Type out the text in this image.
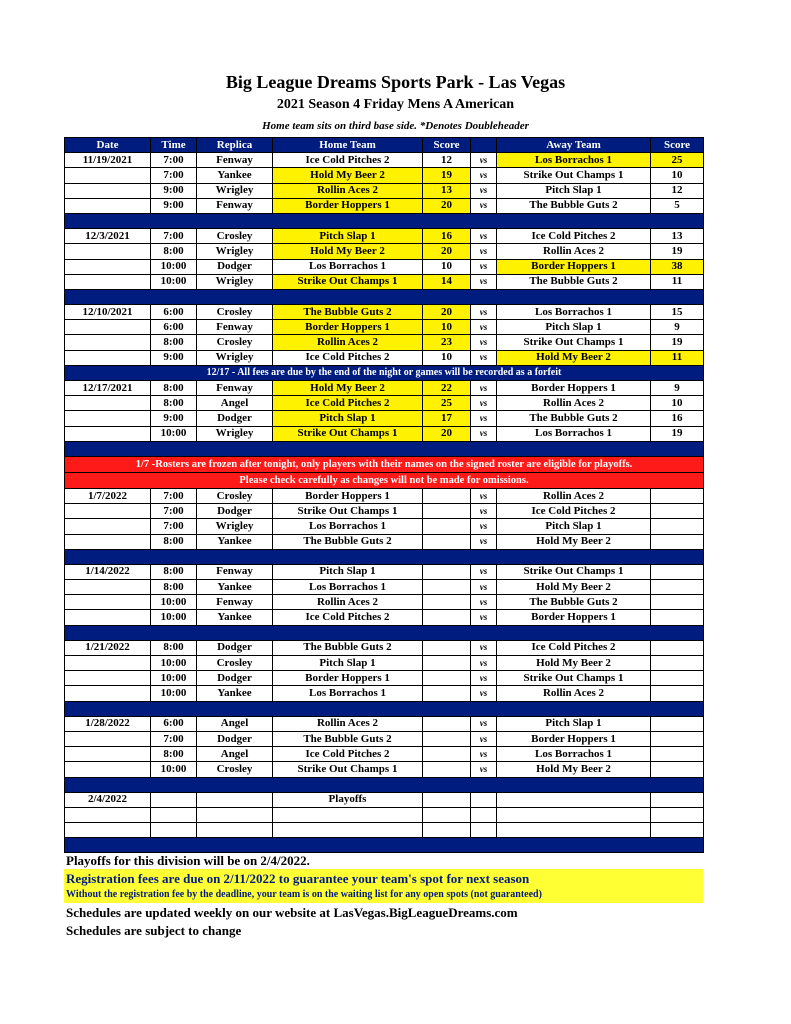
Big League Dreams Sports Park - Las Vegas
2021 Season 4 Friday Mens A American
Home team sits on third base side. *Denotes Doubleheader
Date	Time	Replica	Home Team	Score		Away Team	Score
11/19/2021	7:00	Fenway	Ice Cold Pitches 2	12	vs	Los Borrachos 1	25
	7:00	Yankee	Hold My Beer 2	19	vs	Strike Out Champs 1	10
	9:00	Wrigley	Rollin Aces 2	13	vs	Pitch Slap 1	12
	9:00	Fenway	Border Hoppers 1	20	vs	The Bubble Guts 2	5

12/3/2021	7:00	Crosley	Pitch Slap 1	16	vs	Ice Cold Pitches 2	13
	8:00	Wrigley	Hold My Beer 2	20	vs	Rollin Aces 2	19
	10:00	Dodger	Los Borrachos 1	10	vs	Border Hoppers 1	38
	10:00	Wrigley	Strike Out Champs 1	14	vs	The Bubble Guts 2	11

12/10/2021	6:00	Crosley	The Bubble Guts 2	20	vs	Los Borrachos 1	15
	6:00	Fenway	Border Hoppers 1	10	vs	Pitch Slap 1	9
	8:00	Crosley	Rollin Aces 2	23	vs	Strike Out Champs 1	19
	9:00	Wrigley	Ice Cold Pitches 2	10	vs	Hold My Beer 2	11
12/17 - All fees are due by the end of the night or games will be recorded as a forfeit							
12/17/2021	8:00	Fenway	Hold My Beer 2	22	vs	Border Hoppers 1	9
	8:00	Angel	Ice Cold Pitches 2	25	vs	Rollin Aces 2	10
	9:00	Dodger	Pitch Slap 1	17	vs	The Bubble Guts 2	16
	10:00	Wrigley	Strike Out Champs 1	20	vs	Los Borrachos 1	19

1/7 -Rosters are frozen after tonight, only players with their names on the signed roster are eligible for playoffs.							
Please check carefully as changes will not be made for omissions.							
1/7/2022	7:00	Crosley	Border Hoppers 1		vs	Rollin Aces 2	
	7:00	Dodger	Strike Out Champs 1		vs	Ice Cold Pitches 2	
	7:00	Wrigley	Los Borrachos 1		vs	Pitch Slap 1	
	8:00	Yankee	The Bubble Guts 2		vs	Hold My Beer 2	

1/14/2022	8:00	Fenway	Pitch Slap 1		vs	Strike Out Champs 1	
	8:00	Yankee	Los Borrachos 1		vs	Hold My Beer 2	
	10:00	Fenway	Rollin Aces 2		vs	The Bubble Guts 2	
	10:00	Yankee	Ice Cold Pitches 2		vs	Border Hoppers 1	

1/21/2022	8:00	Dodger	The Bubble Guts 2		vs	Ice Cold Pitches 2	
	10:00	Crosley	Pitch Slap 1		vs	Hold My Beer 2	
	10:00	Dodger	Border Hoppers 1		vs	Strike Out Champs 1	
	10:00	Yankee	Los Borrachos 1		vs	Rollin Aces 2	

1/28/2022	6:00	Angel	Rollin Aces 2		vs	Pitch Slap 1	
	7:00	Dodger	The Bubble Guts 2		vs	Border Hoppers 1	
	8:00	Angel	Ice Cold Pitches 2		vs	Los Borrachos 1	
	10:00	Crosley	Strike Out Champs 1		vs	Hold My Beer 2	

2/4/2022			Playoffs				

Playoffs for this division will be on 2/4/2022.
Registration fees are due on 2/11/2022 to guarantee your team's spot for next season
Without the registration fee by the deadline, your team is on the waiting list for any open spots (not guaranteed)
Schedules are updated weekly on our website at LasVegas.BigLeagueDreams.com
Schedules are subject to change
